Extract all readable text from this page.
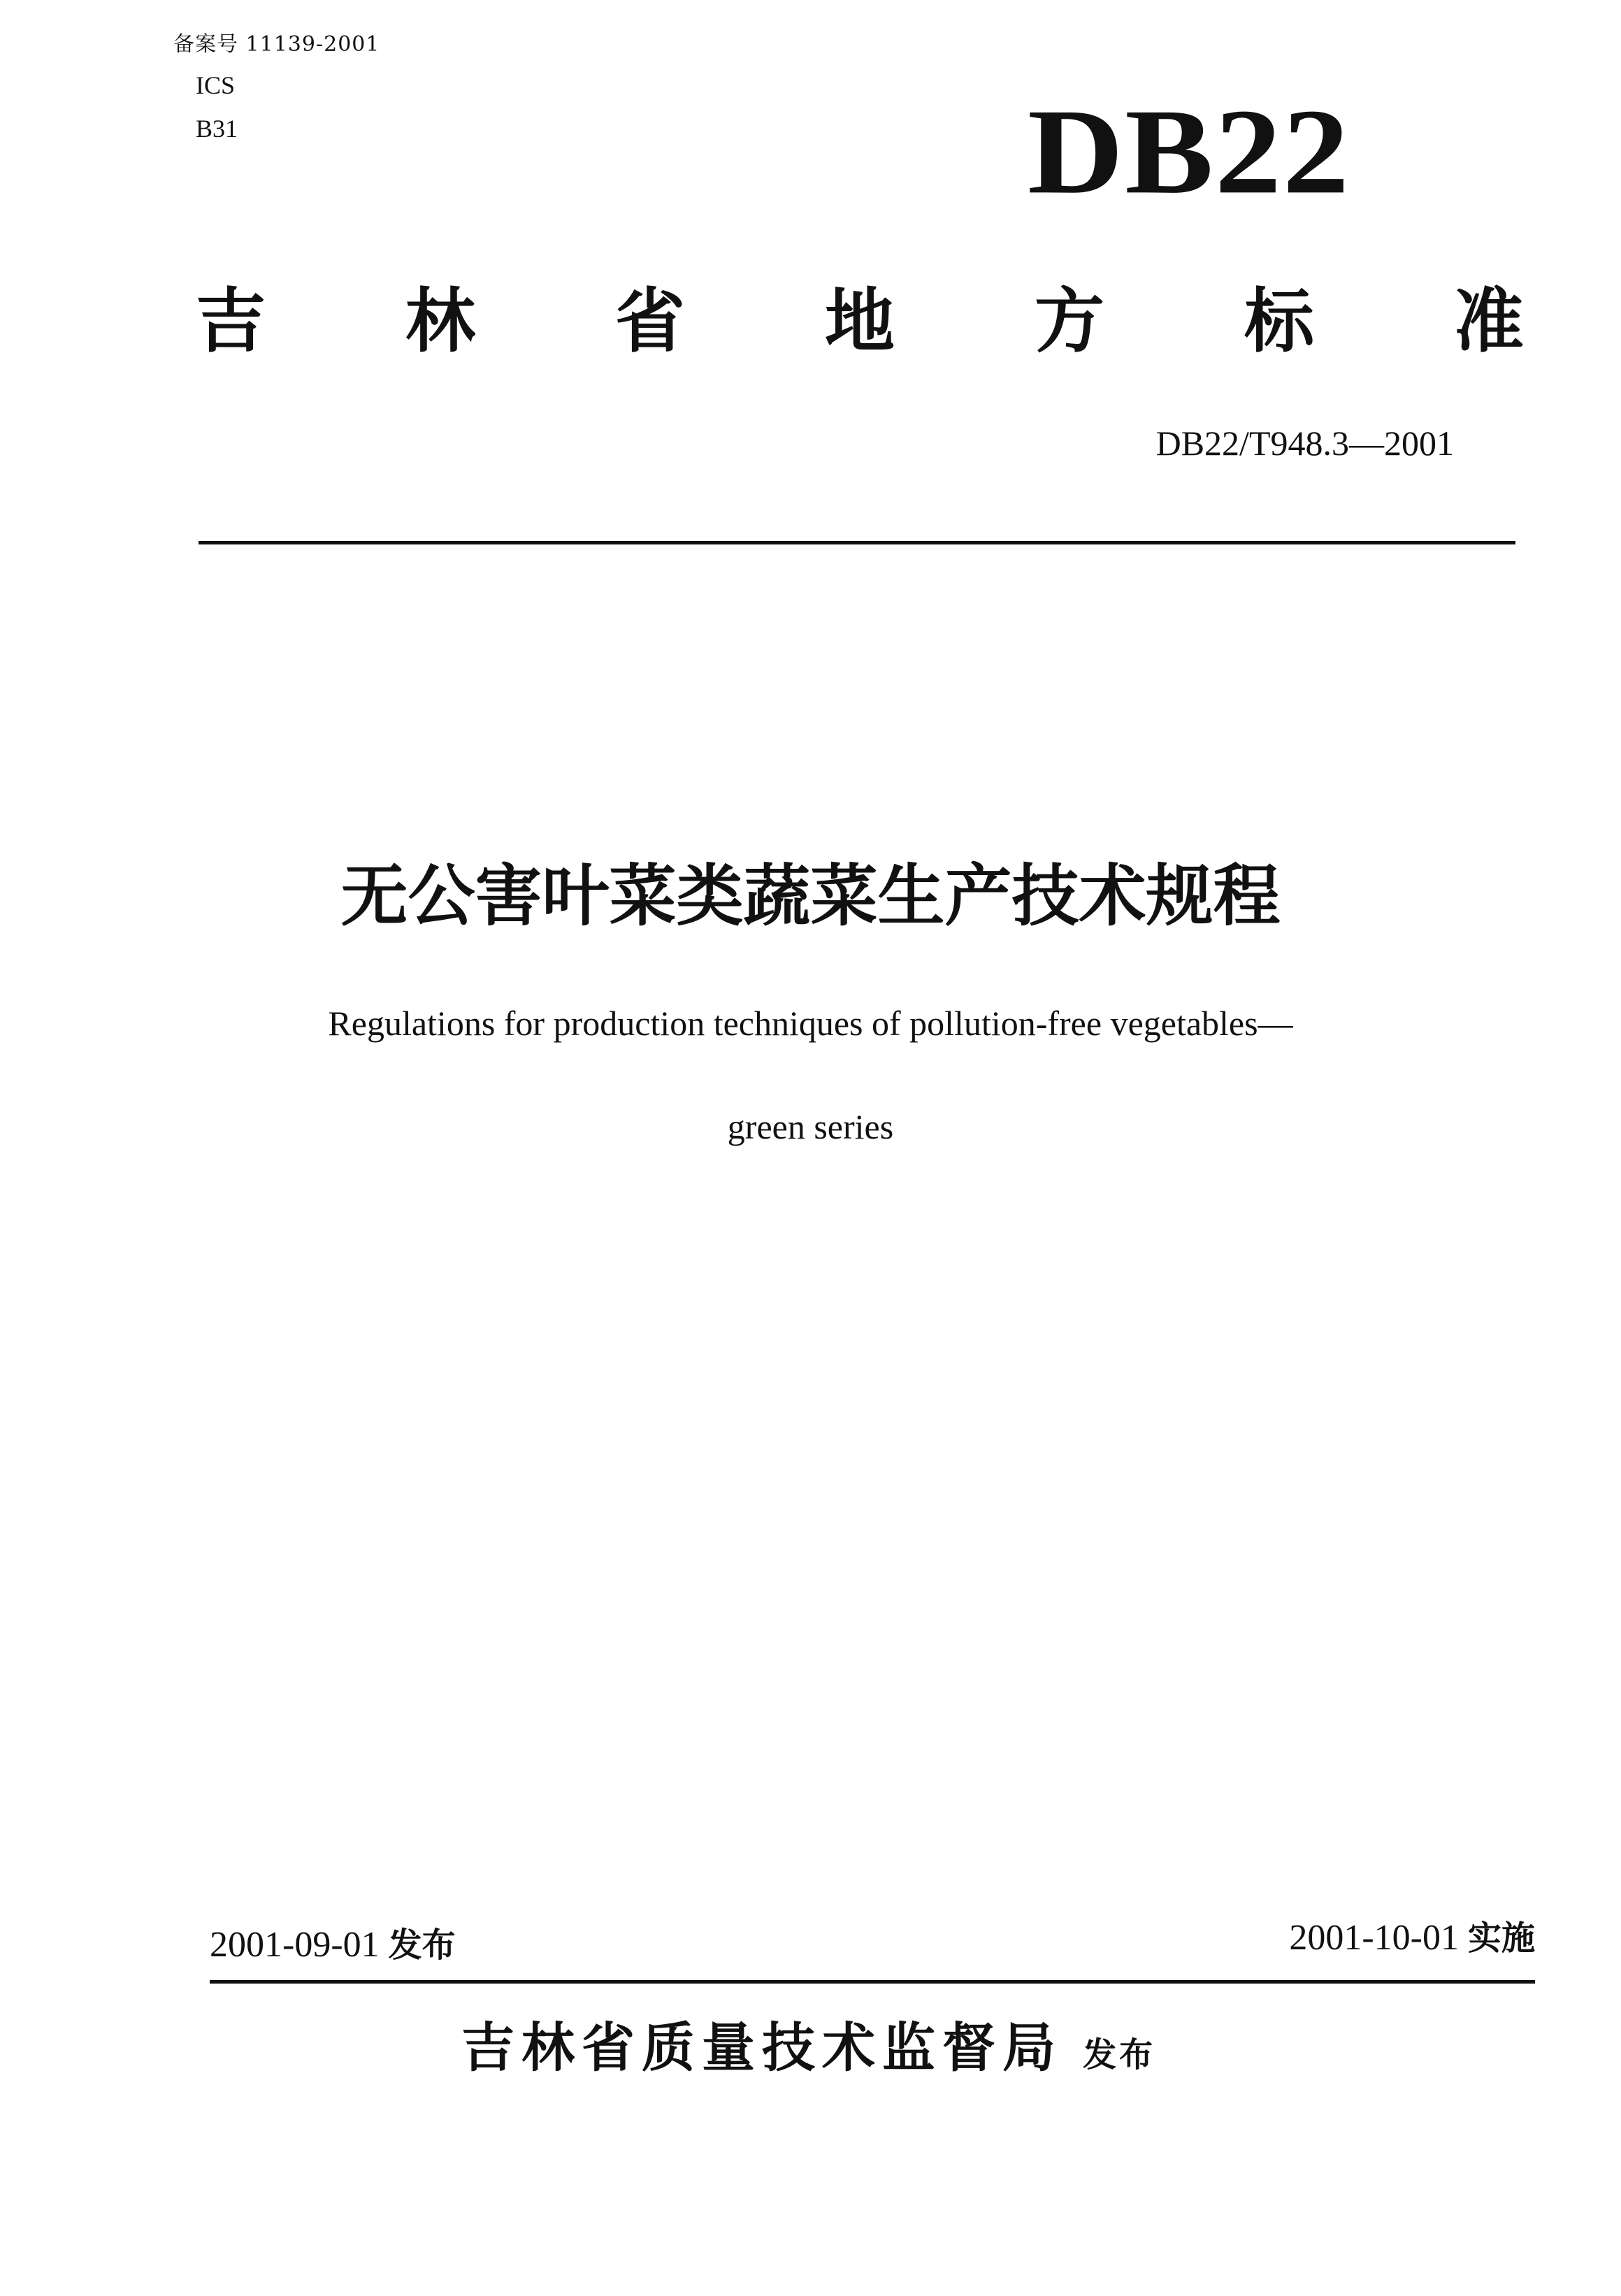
备案号 11139-2001
ICS
B31	DB22
吉 林 省 地 方 标 准
DB22/T948.3—2001
无公害叶菜类蔬菜生产技术规程
Regulations for production techniques of pollution-free vegetables—
green series
2001-09-01 发布	2001-10-01 实施
吉林省质量技术监督局 发布
